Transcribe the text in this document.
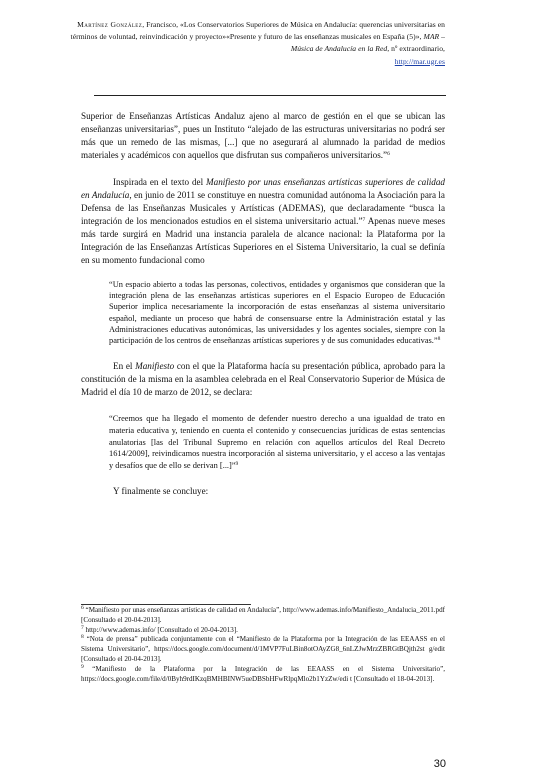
Martínez González, Francisco, «Los Conservatorios Superiores de Música en Andalucía: querencias universitarias en términos de voluntad, reinvindicación y proyecto»«Presente y futuro de las enseñanzas musicales en España (5)», MAR – Música de Andalucía en la Red, nº extraordinario,
http://mar.ugr.es

Superior de Enseñanzas Artísticas Andaluz ajeno al marco de gestión en el que se ubican las enseñanzas universitarias”, pues un Instituto “alejado de las estructuras universitarias no podrá ser más que un remedo de las mismas, [...] que no asegurará al alumnado la paridad de medios materiales y académicos con aquellos que disfrutan sus compañeros universitarios.”$^6$

Inspirada en el texto del Manifiesto por unas enseñanzas artísticas superiores de calidad en Andalucía, en junio de 2011 se constituye en nuestra comunidad autónoma la Asociación para la Defensa de las Enseñanzas Musicales y Artísticas (ADEMAS), que declaradamente “busca la integración de los mencionados estudios en el sistema universitario actual.”$^7$ Apenas nueve meses más tarde surgirá en Madrid una instancia paralela de alcance nacional: la Plataforma por la Integración de las Enseñanzas Artísticas Superiores en el Sistema Universitario, la cual se definía en su momento fundacional como

“Un espacio abierto a todas las personas, colectivos, entidades y organismos que consideran que la integración plena de las enseñanzas artísticas superiores en el Espacio Europeo de Educación Superior implica necesariamente la incorporación de estas enseñanzas al sistema universitario español, mediante un proceso que habrá de consensuarse entre la Administración estatal y las Administraciones educativas autonómicas, las universidades y los agentes sociales, siempre con la participación de los centros de enseñanzas artísticas superiores y de sus comunidades educativas.”$^8$

En el Manifiesto con el que la Plataforma hacía su presentación pública, aprobado para la constitución de la misma en la asamblea celebrada en el Real Conservatorio Superior de Música de Madrid el día 10 de marzo de 2012, se declara:

“Creemos que ha llegado el momento de defender nuestro derecho a una igualdad de trato en materia educativa y, teniendo en cuenta el contenido y consecuencias jurídicas de estas sentencias anulatorias [las del Tribunal Supremo en relación con aquellos artículos del Real Decreto 1614/2009], reivindicamos nuestra incorporación al sistema universitario, y el acceso a las ventajas y desafíos que de ello se derivan [...]”$^9$

Y finalmente se concluye:

$^6$ “Manifiesto por unas enseñanzas artísticas de calidad en Andalucía”, http://www.ademas.info/Manifiesto_Andalucia_2011.pdf [Consultado el 20-04-2013].

$^7$ http://www.ademas.info/ [Consultado el 20-04-2013].

$^8$ “Nota de prensa” publicada conjuntamente con el “Manifiesto de la Plataforma por la Integración de las EEAASS en el Sistema Universitario”, https://docs.google.com/document/d/1MVP7FuLBin8otOAyZG8_6nLZJwMrzZBRGtBQjth2st g/edit [Consultado el 20-04-2013].

$^9$ “Manifiesto de la Plataforma por la Integración de las EEAASS en el Sistema Universitario”, https://docs.google.com/file/d/0Byh9rdIKzqBMHBINW5ueDBSbHFwRlpqMlo2b1YzZw/edi t [Consultado el 18-04-2013].

30
